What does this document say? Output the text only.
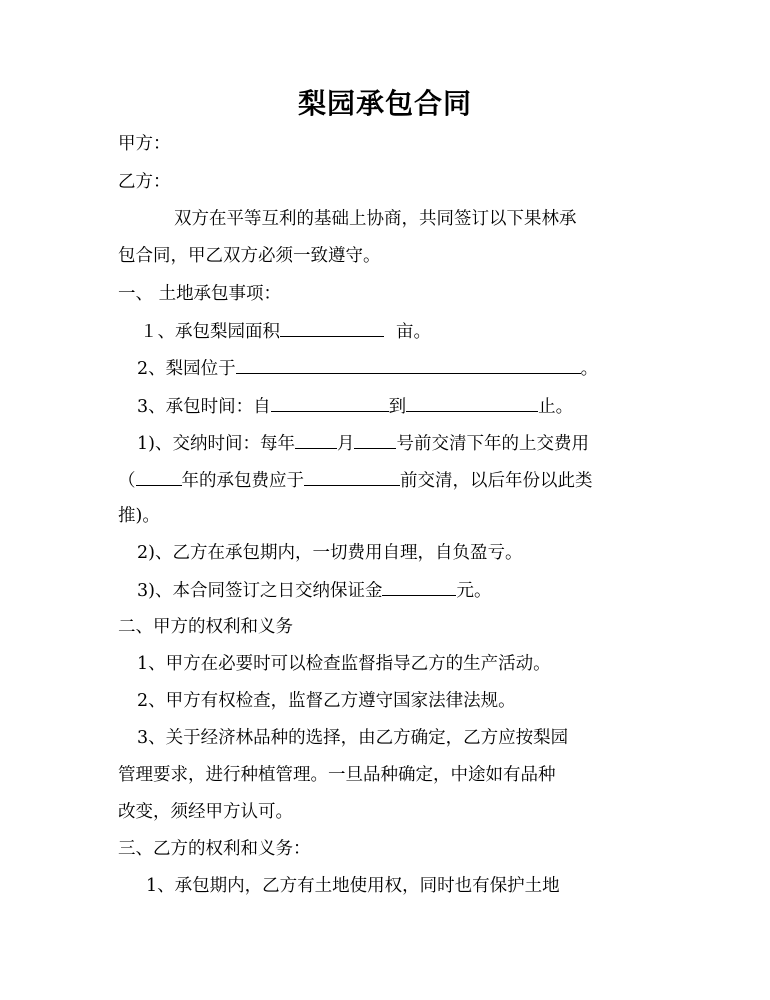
梨园承包合同
甲方：
乙方：
双方在平等互利的基础上协商，共同签订以下果林承
包合同，甲乙双方必须一致遵守。
一、 土地承包事项：
１、承包梨园面积	亩。
2、梨园位于	。
3、承包时间：自	到	止。
1)、交纳时间：每年 月 号前交清下年的上交费用
（	年的承包费应于	前交清，以后年份以此类
推)。
2)、乙方在承包期内，一切费用自理，自负盈亏。
3)、本合同签订之日交纳保证金	元。
二、甲方的权利和义务
1、甲方在必要时可以检查监督指导乙方的生产活动。
2、甲方有权检查，监督乙方遵守国家法律法规。
3、关于经济林品种的选择，由乙方确定，乙方应按梨园
管理要求，进行种植管理。一旦品种确定，中途如有品种
改变，须经甲方认可。
三、乙方的权利和义务：
1、承包期内，乙方有土地使用权，同时也有保护土地
